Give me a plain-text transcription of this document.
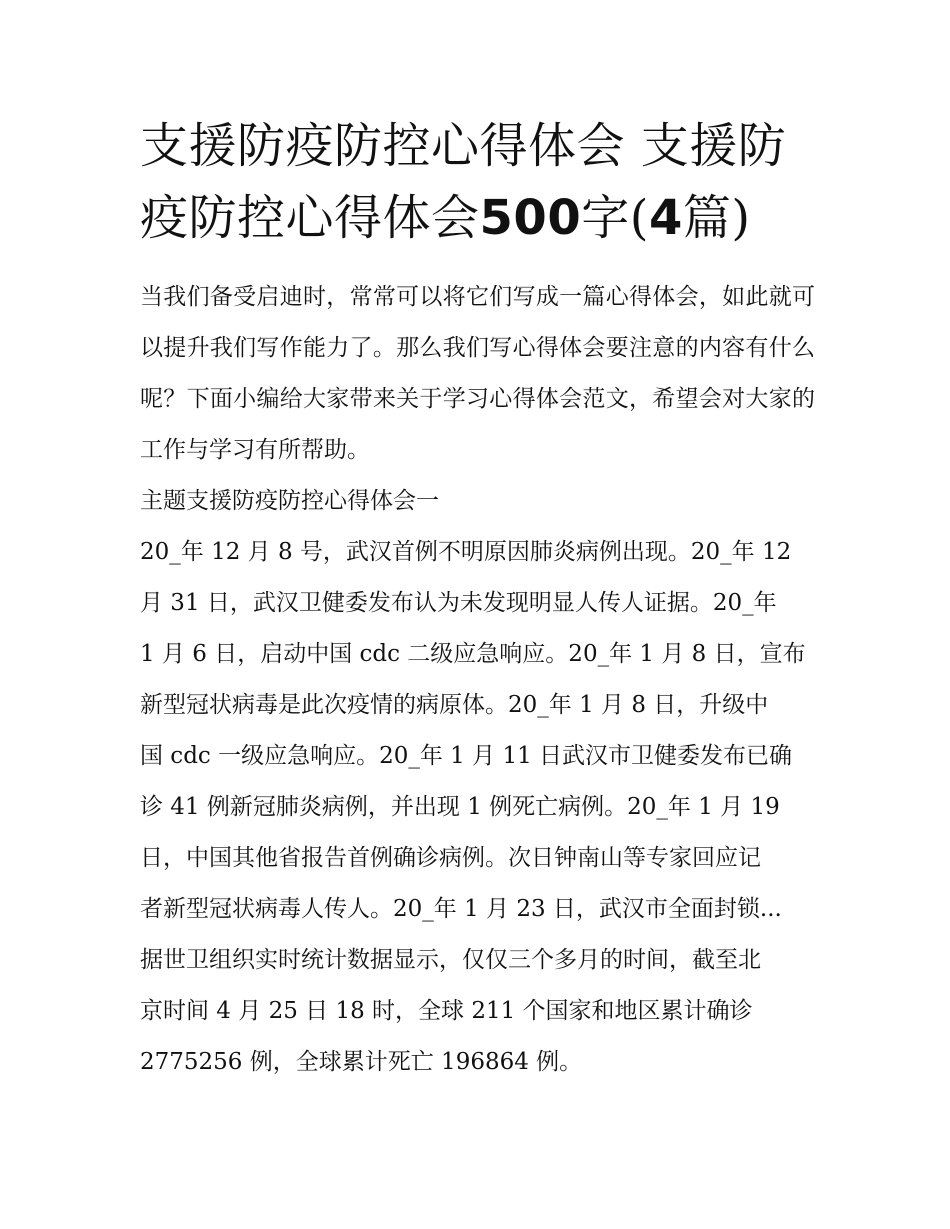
支援防疫防控心得体会 支援防疫防控心得体会500字(4篇)

当我们备受启迪时，常常可以将它们写成一篇心得体会，如此就可以提升我们写作能力了。那么我们写心得体会要注意的内容有什么呢？下面小编给大家带来关于学习心得体会范文，希望会对大家的工作与学习有所帮助。

主题支援防疫防控心得体会一

20_年 12 月 8 号，武汉首例不明原因肺炎病例出现。20_年 12
月 31 日，武汉卫健委发布认为未发现明显人传人证据。20_年
1 月 6 日，启动中国 cdc 二级应急响应。20_年 1 月 8 日，宣布
新型冠状病毒是此次疫情的病原体。20_年 1 月 8 日，升级中
国 cdc 一级应急响应。20_年 1 月 11 日武汉市卫健委发布已确
诊 41 例新冠肺炎病例，并出现 1 例死亡病例。20_年 1 月 19
日，中国其他省报告首例确诊病例。次日钟南山等专家回应记
者新型冠状病毒人传人。20_年 1 月 23 日，武汉市全面封锁...
据世卫组织实时统计数据显示，仅仅三个多月的时间，截至北
京时间 4 月 25 日 18 时，全球 211 个国家和地区累计确诊
2775256 例，全球累计死亡 196864 例。
